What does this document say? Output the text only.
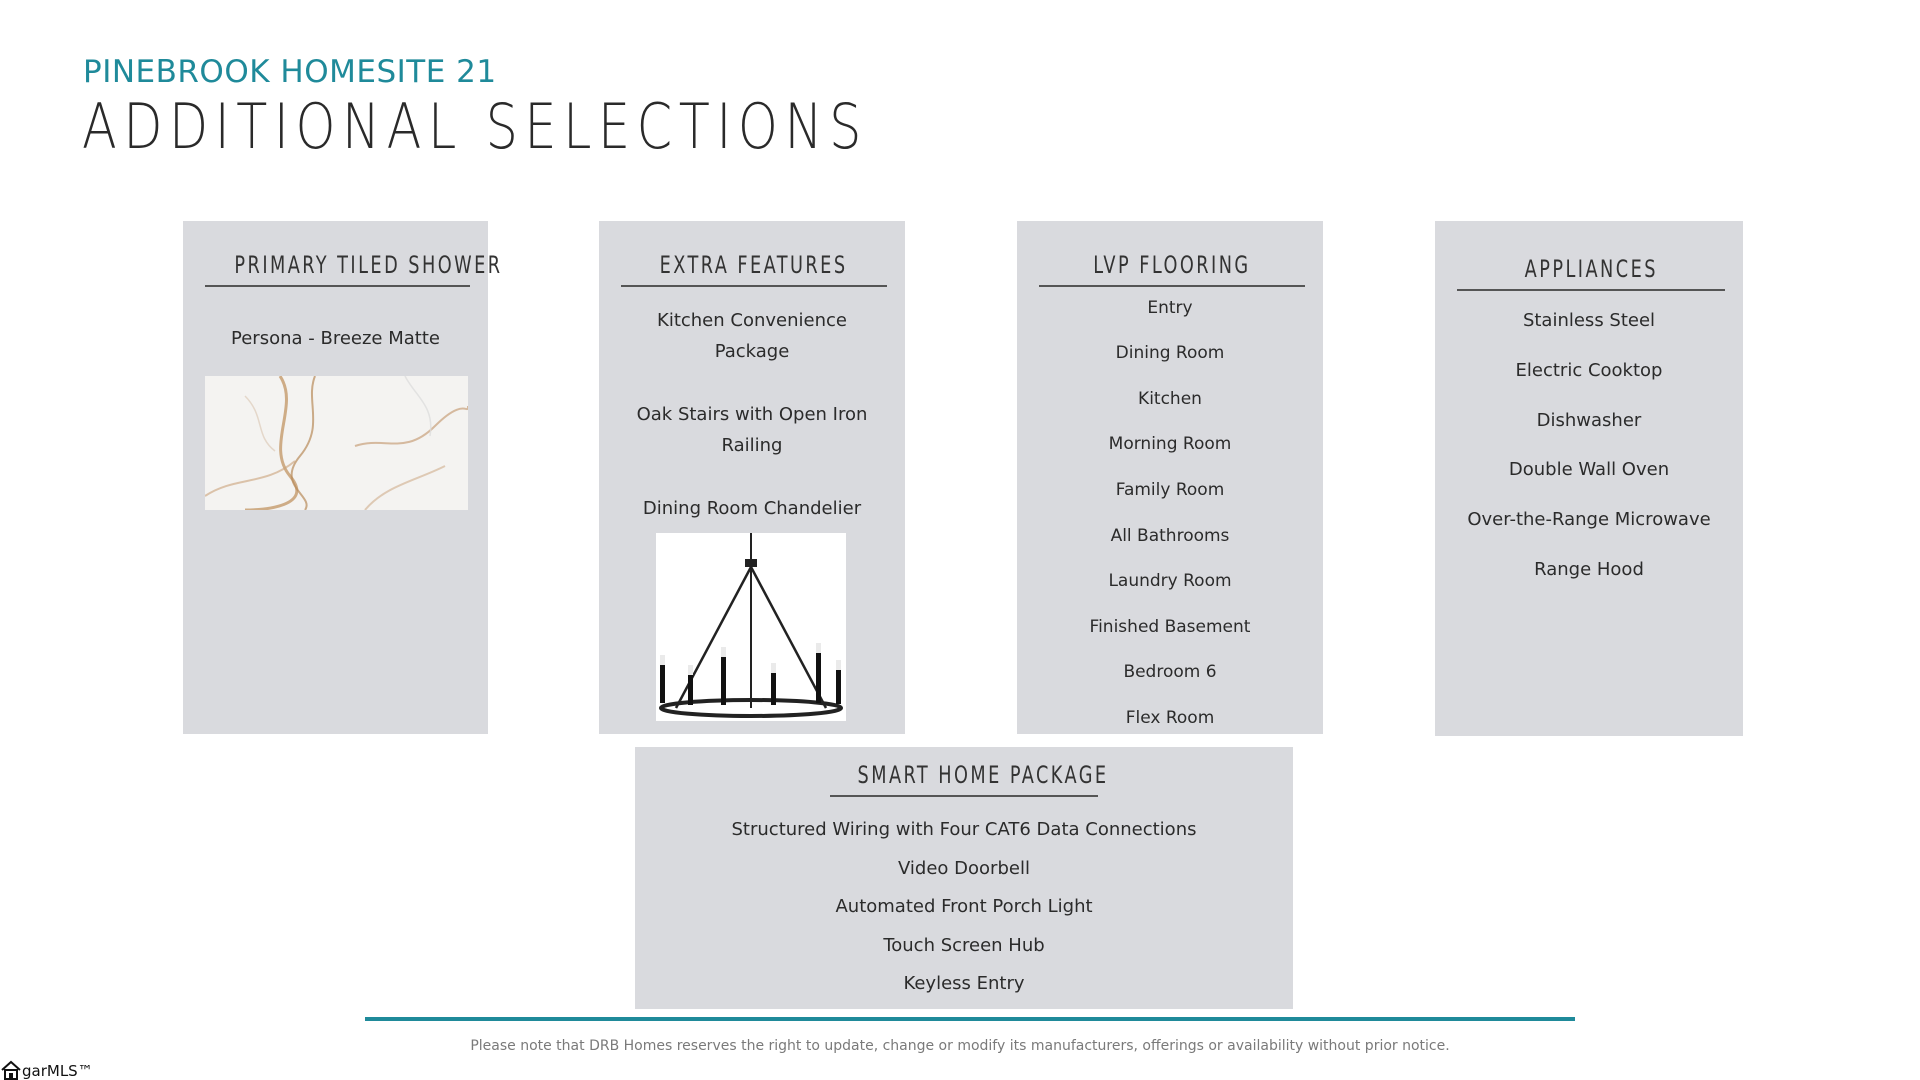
PINEBROOK HOMESITE 21
ADDITIONAL SELECTIONS
PRIMARY TILED SHOWER
Persona - Breeze Matte
EXTRA FEATURES
Kitchen Convenience
Package
Oak Stairs with Open Iron
Railing
Dining Room Chandelier
LVP FLOORING
Entry
Dining Room
Kitchen
Morning Room
Family Room
All Bathrooms
Laundry Room
Finished Basement
Bedroom 6
Flex Room
APPLIANCES
Stainless Steel
Electric Cooktop
Dishwasher
Double Wall Oven
Over-the-Range Microwave
Range Hood
SMART HOME PACKAGE
Structured Wiring with Four CAT6 Data Connections
Video Doorbell
Automated Front Porch Light
Touch Screen Hub
Keyless Entry
Please note that DRB Homes reserves the right to update, change or modify its manufacturers, offerings or availability without prior notice.
garMLS™
